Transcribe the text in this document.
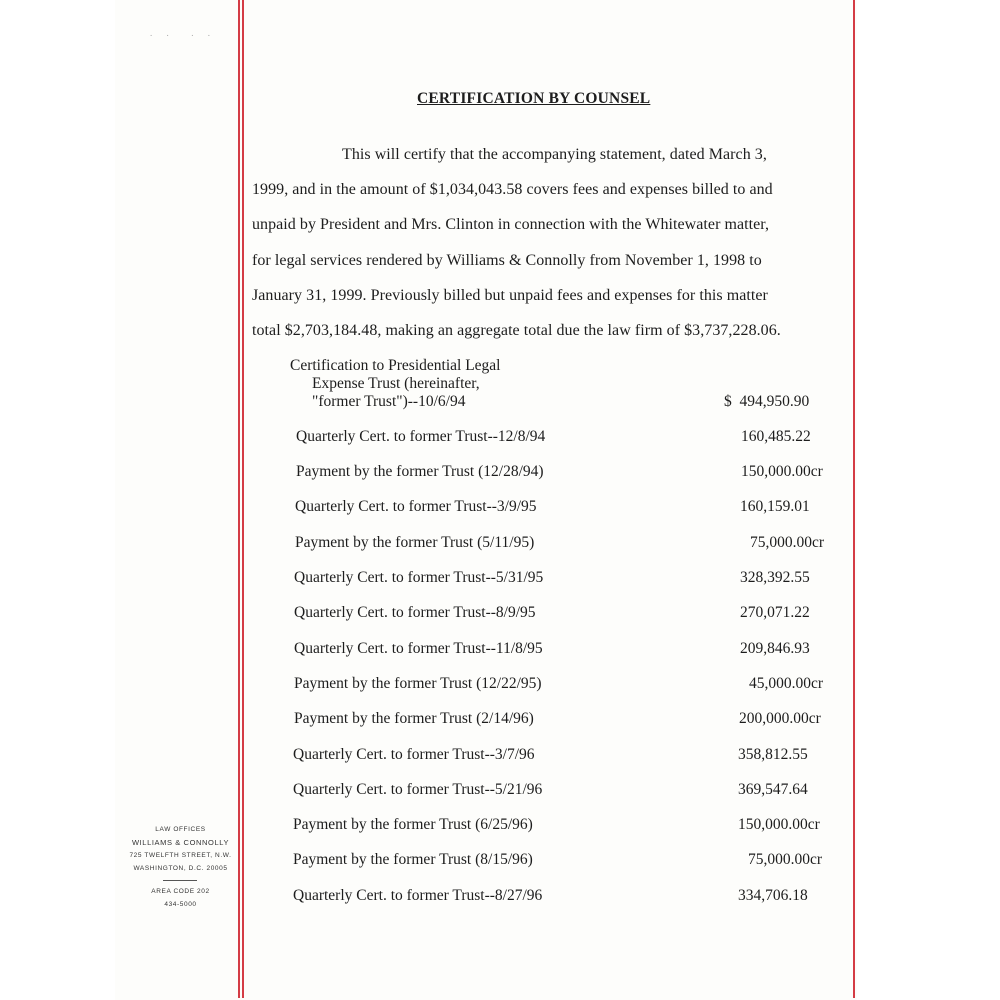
. .  . .
CERTIFICATION BY COUNSEL
This will certify that the accompanying statement, dated March 3,
1999, and in the amount of $1,034,043.58 covers fees and expenses billed to and
unpaid by President and Mrs. Clinton in connection with the Whitewater matter,
for legal services rendered by Williams & Connolly from November 1, 1998 to
January 31, 1999. Previously billed but unpaid fees and expenses for this matter
total $2,703,184.48, making an aggregate total due the law firm of $3,737,228.06.
Certification to Presidential Legal
Expense Trust (hereinafter,
"former Trust")--10/6/94	$  494,950.90
Quarterly Cert. to former Trust--12/8/94	160,485.22
Payment by the former Trust (12/28/94)	150,000.00cr
Quarterly Cert. to former Trust--3/9/95	160,159.01
Payment by the former Trust (5/11/95)	75,000.00cr
Quarterly Cert. to former Trust--5/31/95	328,392.55
Quarterly Cert. to former Trust--8/9/95	270,071.22
Quarterly Cert. to former Trust--11/8/95	209,846.93
Payment by the former Trust (12/22/95)	45,000.00cr
Payment by the former Trust (2/14/96)	200,000.00cr
Quarterly Cert. to former Trust--3/7/96	358,812.55
Quarterly Cert. to former Trust--5/21/96	369,547.64
Payment by the former Trust (6/25/96)	150,000.00cr
Payment by the former Trust (8/15/96)	75,000.00cr
Quarterly Cert. to former Trust--8/27/96	334,706.18
LAW OFFICES
WILLIAMS & CONNOLLY
725 TWELFTH STREET, N.W.
WASHINGTON, D.C. 20005
AREA CODE 202
434-5000
